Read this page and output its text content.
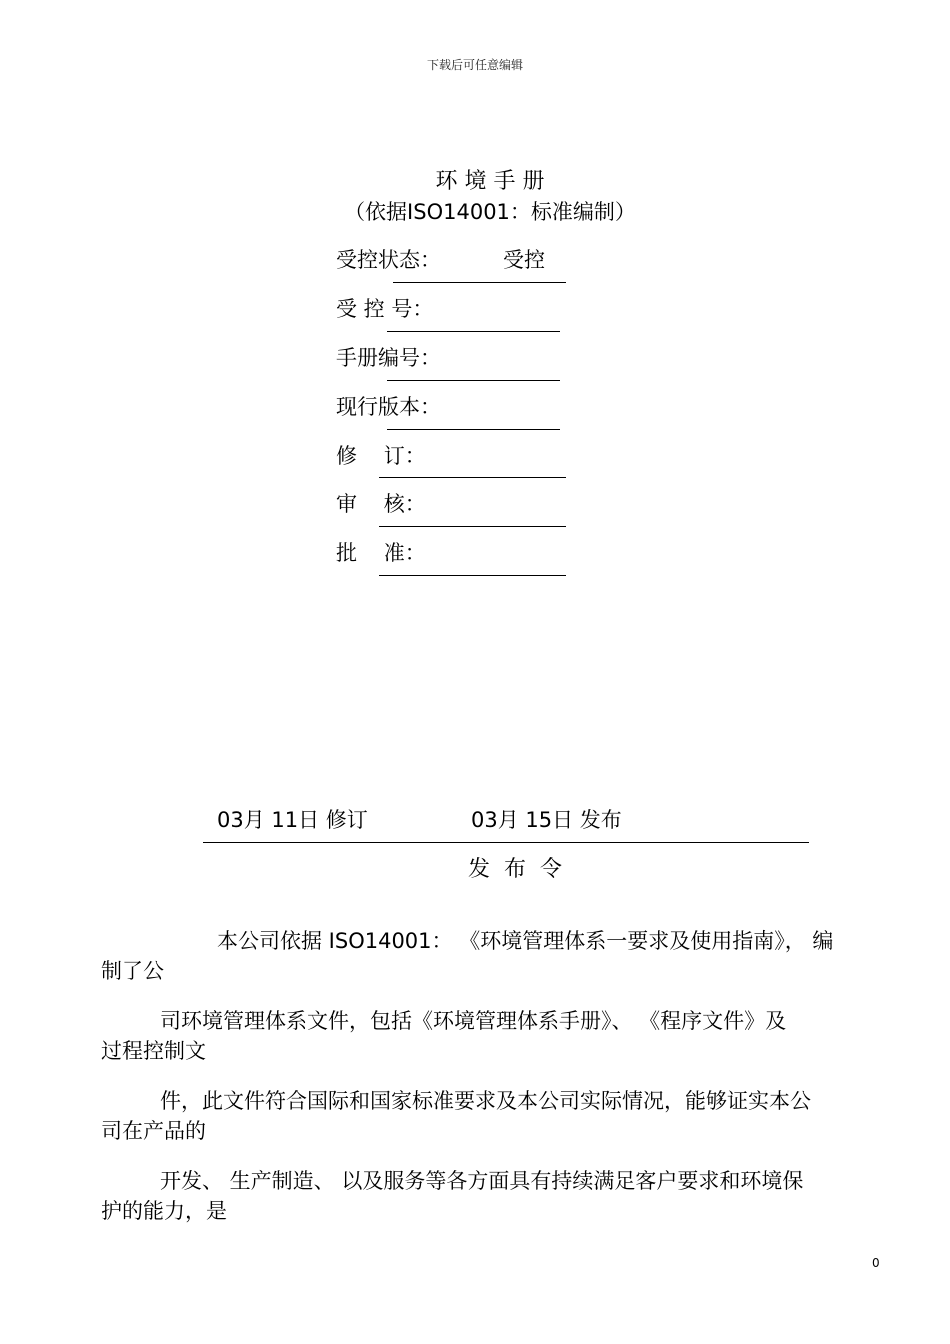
下载后可任意编辑
环 境 手 册
（依据ISO14001：标准编制）
受控状态：	受控
受 控 号：
手册编号：
现行版本：
修    订：
审    核：
批    准：
03月 11日 修订	03月 15日 发布
发  布  令
本公司依据 ISO14001： 《环境管理体系一要求及使用指南》， 编
制了公
司环境管理体系文件，包括《环境管理体系手册》、 《程序文件》及
过程控制文
件，此文件符合国际和国家标准要求及本公司实际情况，能够证实本公
司在产品的
开发、 生产制造、 以及服务等各方面具有持续满足客户要求和环境保
护的能力，是
0
